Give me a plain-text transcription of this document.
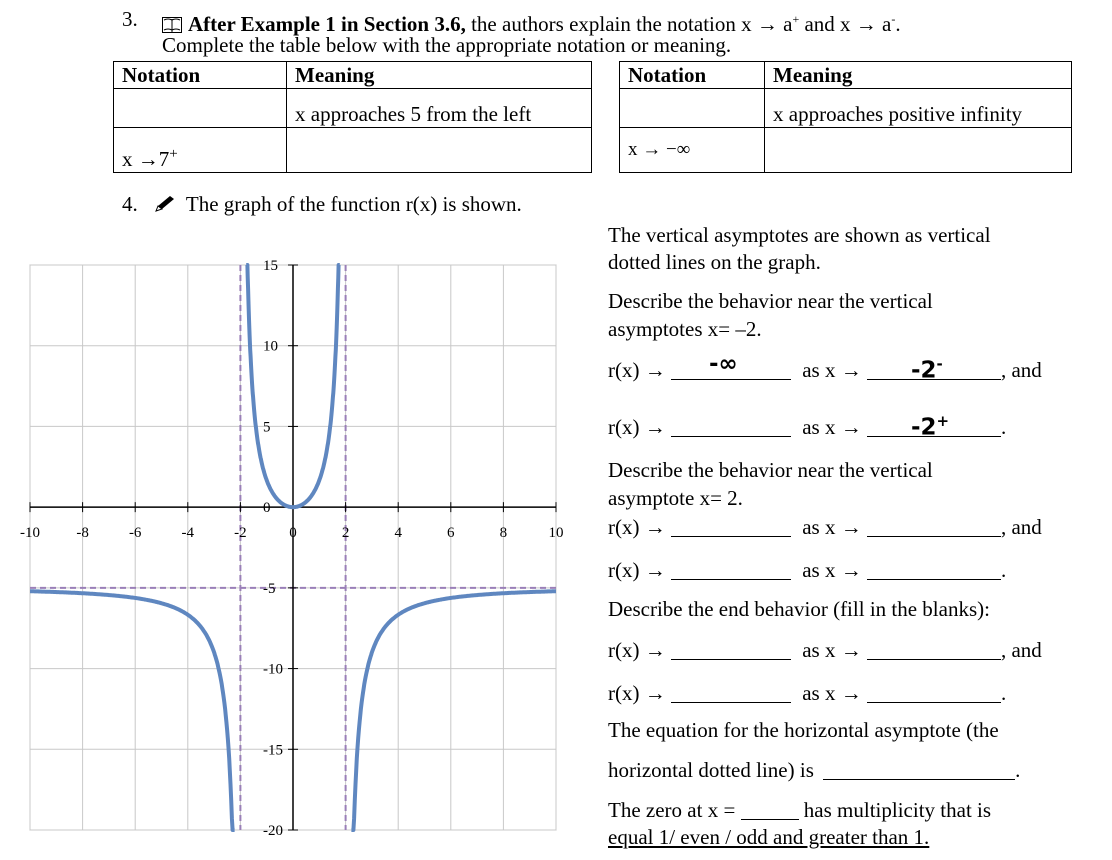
3.	After Example 1 in Section 3.6, the authors explain the notation x → a+ and x → a-.
Complete the table below with the appropriate notation or meaning.
Notation	Meaning
	x approaches 5 from the left
x →7+	
Notation	Meaning
	x approaches positive infinity
x → −∞	
4. The graph of the function r(x) is shown.
-10 -8	-6	-4	-2	0	2	4	6	8	10
15
10
5
0
-5
-10
-15
-20
The vertical asymptotes are shown as vertical
dotted lines on the graph.
Describe the behavior near the vertical
asymptotes x= –2.
r(x) → -∞	as x → -2-	, and
r(x) →	as x → -2+ .
Describe the behavior near the vertical
asymptote x= 2.
r(x) →	as x →	, and
r(x) →	as x →	.
Describe the end behavior (fill in the blanks):
r(x) →	as x →	, and
r(x) →	as x →	.
The equation for the horizontal asymptote (the
horizontal dotted line) is	.
The zero at x =	has multiplicity that is
equal 1/ even / odd and greater than 1.
